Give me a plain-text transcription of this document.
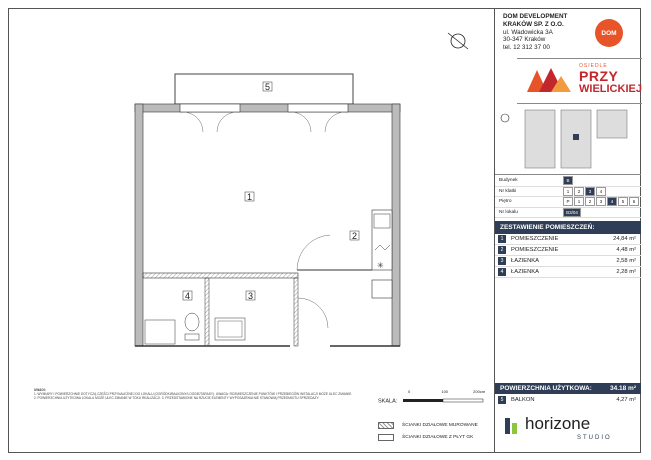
✳
5
1
2
3
4
DOM DEVELOPMENT
KRAKÓW SP. Z O.O.
ul. Wadowicka 3A
30-347 Kraków
tel. 12 312 37 00
DOM
OSIEDLE
PRZY
WIELICKIEJ
Budynek	B
Nr klatki	1	2	3	4
Piętro	P	1	2	3	4	5	6
Nr lokalu	B3/04
ZESTAWIENIE POMIESZCZEŃ:
1	POMIESZCZENIE	24,84 m²
2	POMIESZCZENIE	4,48 m²
3	ŁAZIENKA	2,58 m²
4	ŁAZIENKA	2,28 m²
POWIERZCHNIA UŻYTKOWA:	34.18 m²
5	BALKON	4,27 m²
UWAGI:
1. WYMIARY I POWIERZCHNIE DOTYCZĄ CZĘŚCI PRZYNALEŻNEJ DO LOKALU (OGRÓDKI/BALKONY/LOGGIE/TARASY). UWAGA: ROZMIESZCZENIE PUNKTÓW I PRZEBIEGÓW INSTALACJI MOŻE ULEC ZMIANIE. 2. POWIERZCHNIA UŻYTKOWA LOKALU MOŻE ULEC ZMIANIE W TOKU REALIZACJI. 3. PRZEDSTAWIONE NA RZUCIE ELEMENTY WYPOSAŻENIA NIE STANOWIĄ PRZEDMIOTU SPRZEDAŻY.
SKALA:
0	100	200cm
ŚCIANKI DZIAŁOWE MUROWANE
ŚCIANKI DZIAŁOWE Z PŁYT GK
horizone
STUDIO
